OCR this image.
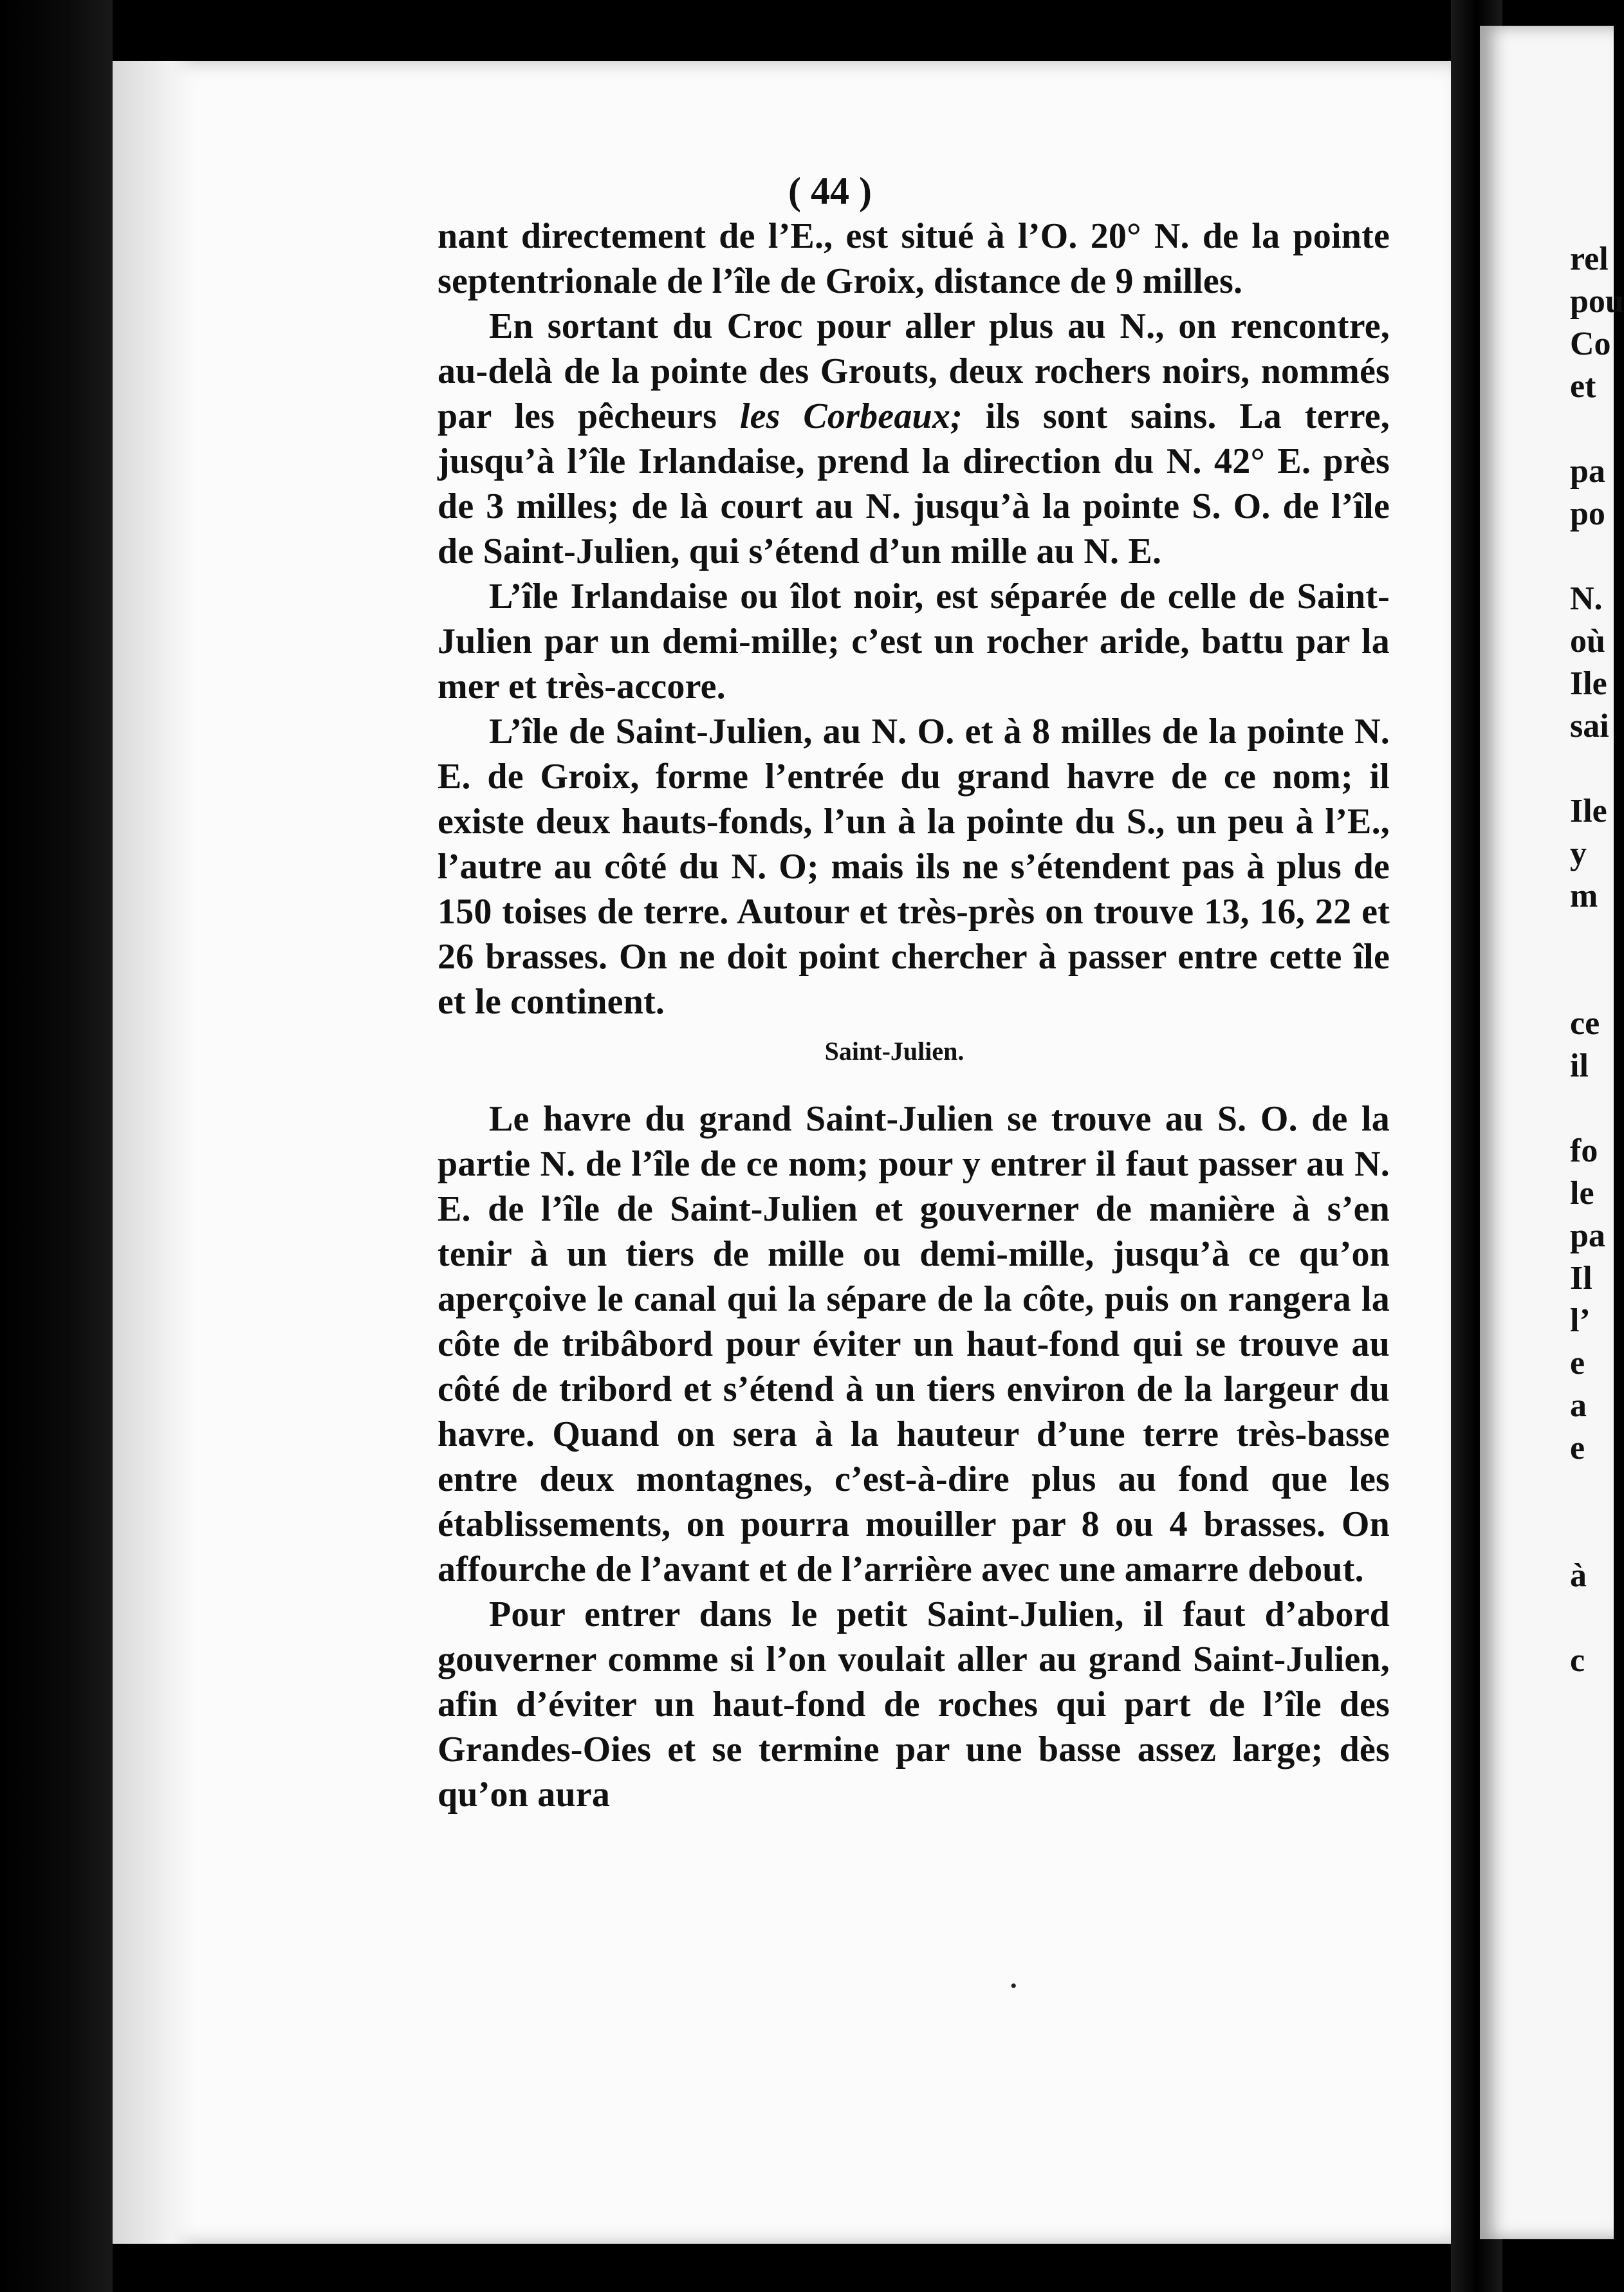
( 44 )

nant directement de l’E., est situé à l’O. 20° N. de la pointe septentrionale de l’île de Groix, distance de 9 milles.

En sortant du Croc pour aller plus au N., on rencontre, au-delà de la pointe des Grouts, deux rochers noirs, nommés par les pêcheurs les Corbeaux; ils sont sains. La terre, jusqu’à l’île Irlandaise, prend la direction du N. 42° E. près de 3 milles; de là court au N. jusqu’à la pointe S. O. de l’île de Saint-Julien, qui s’étend d’un mille au N. E.

L’île Irlandaise ou îlot noir, est séparée de celle de Saint-Julien par un demi-mille; c’est un rocher aride, battu par la mer et très-accore.

L’île de Saint-Julien, au N. O. et à 8 milles de la pointe N. E. de Groix, forme l’entrée du grand havre de ce nom; il existe deux hauts-fonds, l’un à la pointe du S., un peu à l’E., l’autre au côté du N. O; mais ils ne s’étendent pas à plus de 150 toises de terre. Autour et très-près on trouve 13, 16, 22 et 26 brasses. On ne doit point chercher à passer entre cette île et le continent.

Saint-Julien.

Le havre du grand Saint-Julien se trouve au S. O. de la partie N. de l’île de ce nom; pour y entrer il faut passer au N. E. de l’île de Saint-Julien et gouverner de manière à s’en tenir à un tiers de mille ou demi-mille, jusqu’à ce qu’on aperçoive le canal qui la sépare de la côte, puis on rangera la côte de tribâbord pour éviter un haut-fond qui se trouve au côté de tribord et s’étend à un tiers environ de la largeur du havre. Quand on sera à la hauteur d’une terre très-basse entre deux montagnes, c’est-à-dire plus au fond que les établissements, on pourra mouiller par 8 ou 4 brasses. On affourche de l’avant et de l’arrière avec une amarre debout.

Pour entrer dans le petit Saint-Julien, il faut d’abord gouverner comme si l’on voulait aller au grand Saint-Julien, afin d’éviter un haut-fond de roches qui part de l’île des Grandes-Oies et se termine par une basse assez large; dès qu’on aura

•
rel
pou
Co
et
pa
po
N.
où
Ile
sai
Ile
y
m
ce
il
fo
le
pa
Il
l’
e
a
e
à
c
